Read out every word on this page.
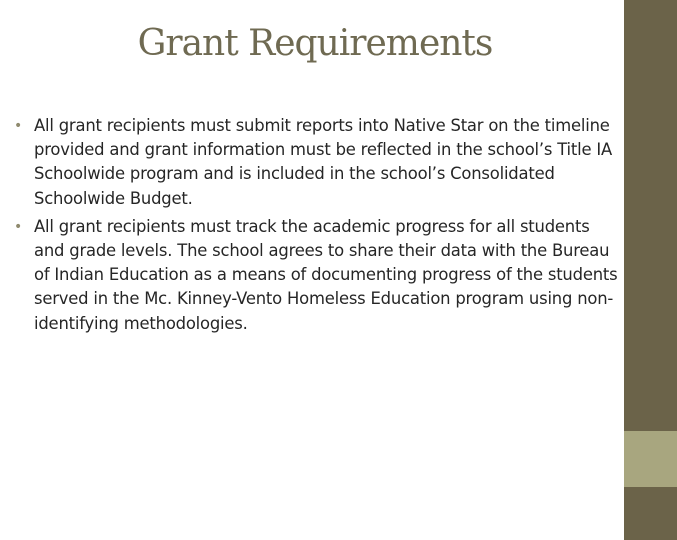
Grant Requirements
• All grant recipients must submit reports into Native Star on the timeline provided and grant information must be reflected in the school’s Title IA Schoolwide program and is included in the school’s Consolidated Schoolwide Budget.
• All grant recipients must track the academic progress for all students and grade levels. The school agrees to share their data with the Bureau of Indian Education as a means of documenting progress of the students served in the Mc. Kinney-Vento Homeless Education program using non-identifying methodologies.
